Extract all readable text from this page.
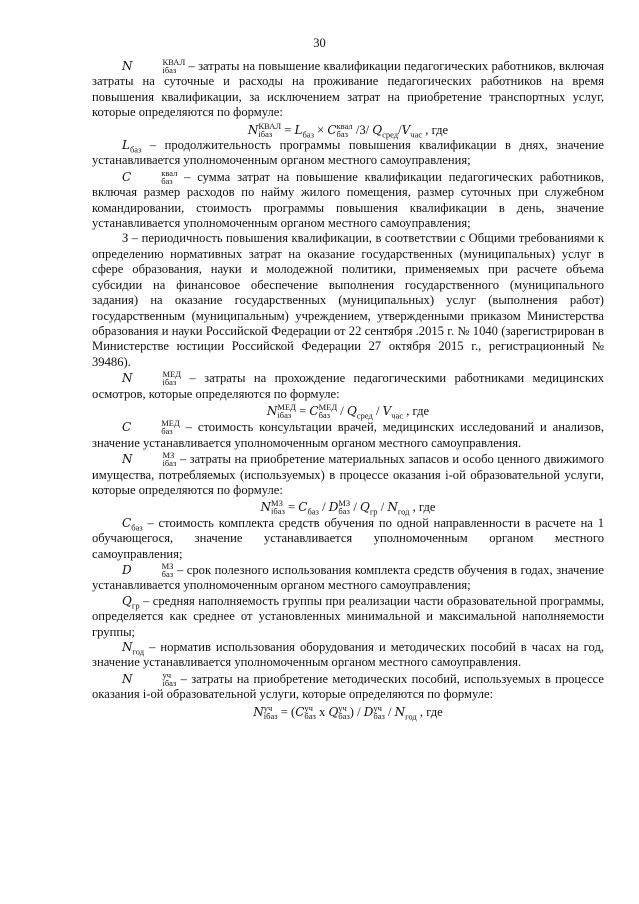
30

N	КВАЛ
iбаз – затраты на повышение квалификации педагогических работников, включая затраты на суточные и расходы на проживание педагогических работников на время повышения квалификации, за исключением затрат на приобретение транспортных услуг, которые определяются по формуле:

N КВАЛ
iбаз = $L_{баз} \times C$ квал
баз /3/ $Q_{сред}/V_{час}$ , где

$L_{баз}$ – продолжительность программы повышения квалификации в днях, значение устанавливается уполномоченным органом местного самоуправления;

C	квал
баз – сумма затрат на повышение квалификации педагогических работников, включая размер расходов по найму жилого помещения, размер суточных при служебном командировании, стоимость программы повышения квалификации в день, значение устанавливается уполномоченным органом местного самоуправления;

З – периодичность повышения квалификации, в соответствии с Общими требованиями к определению нормативных затрат на оказание государственных (муниципальных) услуг в сфере образования, науки и молодежной политики, применяемых при расчете объема субсидии на финансовое обеспечение выполнения государственного (муниципального задания) на оказание государственных (муниципальных) услуг (выполнения работ) государственным (муниципальным) учреждением, утвержденными приказом Министерства образования и науки Российской Федерации от 22 сентября .2015 г. № 1040 (зарегистрирован в Министерстве юстиции Российской Федерации 27 октября 2015 г., регистрационный № 39486).

N	МЕД
iбаз – затраты на прохождение педагогическими работниками медицинских осмотров, которые определяются по формуле:

N МЕД
iбаз = C МЕД
баз / $Q_{сред} / V_{час}$ , где

C	МЕД
баз – стоимость консультации врачей, медицинских исследований и анализов, значение устанавливается уполномоченным органом местного самоуправления.

N	МЗ
iбаз – затраты на приобретение материальных запасов и особо ценного движимого имущества, потребляемых (используемых) в процессе оказания i-ой образовательной услуги, которые определяются по формуле:

N МЗ
iбаз = $C_{баз}$ / D МЗ
баз / $Q_{гр} / N_{год}$ , где

$C_{баз}$ – стоимость комплекта средств обучения по одной направленности в расчете на 1 обучающегося, значение устанавливается уполномоченным органом местного самоуправления;

D	МЗ
баз – срок полезного использования комплекта средств обучения в годах, значение устанавливается уполномоченным органом местного самоуправления;

$Q_{гр}$ – средняя наполняемость группы при реализации части образовательной программы, определяется как среднее от установленных минимальной и максимальной наполняемости группы;

$N_{год}$ – норматив использования оборудования и методических пособий в часах на год, значение устанавливается уполномоченным органом местного самоуправления.

N	уч
iбаз – затраты на приобретение методических пособий, используемых в процессе оказания i-ой образовательной услуги, которые определяются по формуле:

N уч
iбаз = (C уч
баз x Q уч
баз ) / D уч
баз / $N_{год}$ , где
